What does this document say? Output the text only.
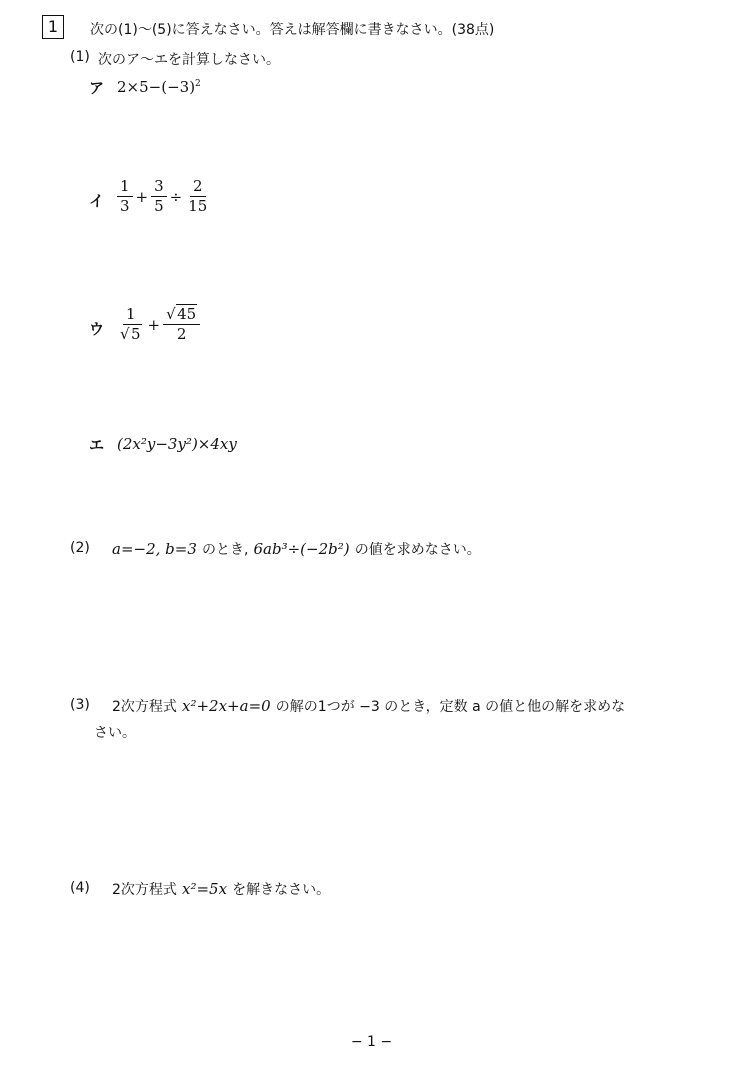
1	次の(1)〜(5)に答えなさい。答えは解答欄に書きなさい。(38点)
(1) 次のア〜エを計算しなさい。
ア $2\times 5-(-3)^2$
イ $\frac{1}{3} + \frac{3}{5} \div \frac{2}{15}$
ウ $\frac{1}{√ 5} + \frac{√ 45}{2}$
エ (2x²y−3y²)×4xy
(2) a=−2, b=3 のとき, 6ab³÷(−2b²) の値を求めなさい。
(3) 2次方程式 x²+2x+a=0 の解の1つが −3 のとき，定数 a の値と他の解を求めな
さい。
(4) 2次方程式 x²=5x を解きなさい。
− 1 −
